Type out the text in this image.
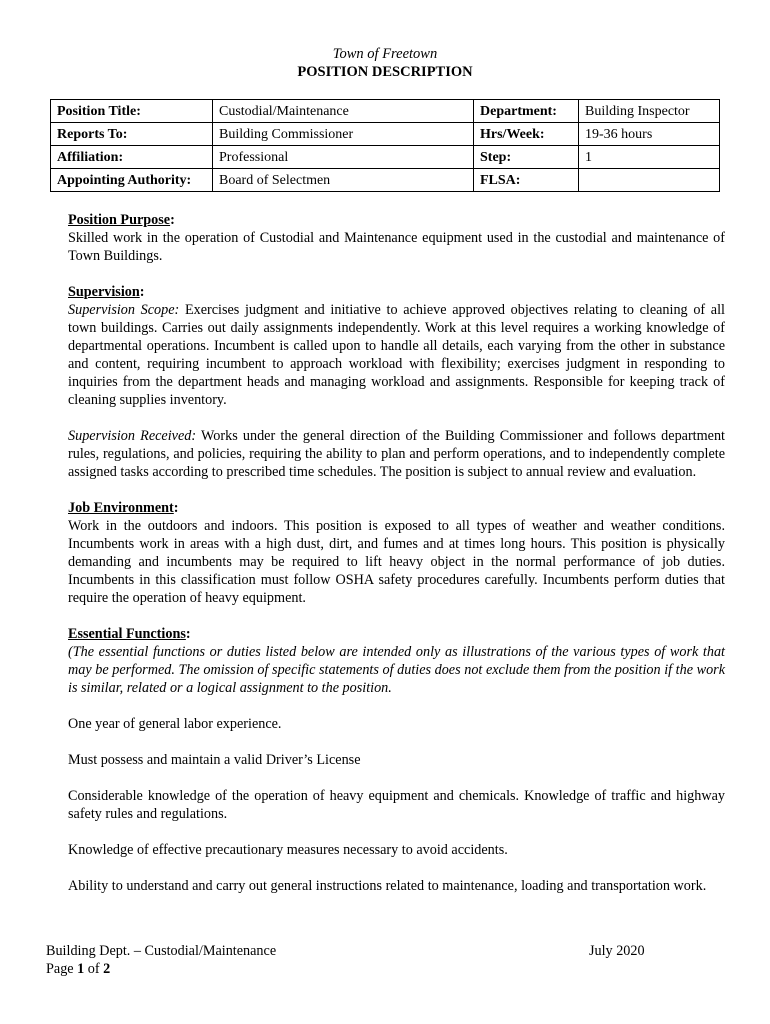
Town of Freetown
POSITION DESCRIPTION
Position Title:	Custodial/Maintenance	Department:	Building Inspector
Reports To:	Building Commissioner	Hrs/Week:	19-36 hours
Affiliation:	Professional	Step:	1
Appointing Authority:	Board of Selectmen	FLSA:	
Position Purpose:

Skilled work in the operation of Custodial and Maintenance equipment used in the custodial and maintenance of Town Buildings.

Supervision:

Supervision Scope: Exercises judgment and initiative to achieve approved objectives relating to cleaning of all town buildings. Carries out daily assignments independently. Work at this level requires a working knowledge of departmental operations. Incumbent is called upon to handle all details, each varying from the other in substance and content, requiring incumbent to approach workload with flexibility; exercises judgment in responding to inquiries from the department heads and managing workload and assignments. Responsible for keeping track of cleaning supplies inventory.

Supervision Received: Works under the general direction of the Building Commissioner and follows department rules, regulations, and policies, requiring the ability to plan and perform operations, and to independently complete assigned tasks according to prescribed time schedules. The position is subject to annual review and evaluation.

Job Environment:

Work in the outdoors and indoors. This position is exposed to all types of weather and weather conditions. Incumbents work in areas with a high dust, dirt, and fumes and at times long hours. This position is physically demanding and incumbents may be required to lift heavy object in the normal performance of job duties. Incumbents in this classification must follow OSHA safety procedures carefully. Incumbents perform duties that require the operation of heavy equipment.

Essential Functions:

(The essential functions or duties listed below are intended only as illustrations of the various types of work that may be performed. The omission of specific statements of duties does not exclude them from the position if the work is similar, related or a logical assignment to the position.

One year of general labor experience.

Must possess and maintain a valid Driver’s License

Considerable knowledge of the operation of heavy equipment and chemicals. Knowledge of traffic and highway safety rules and regulations.

Knowledge of effective precautionary measures necessary to avoid accidents.

Ability to understand and carry out general instructions related to maintenance, loading and transportation work.

Building Dept. – Custodial/Maintenance	July 2020
Page 1 of 2
